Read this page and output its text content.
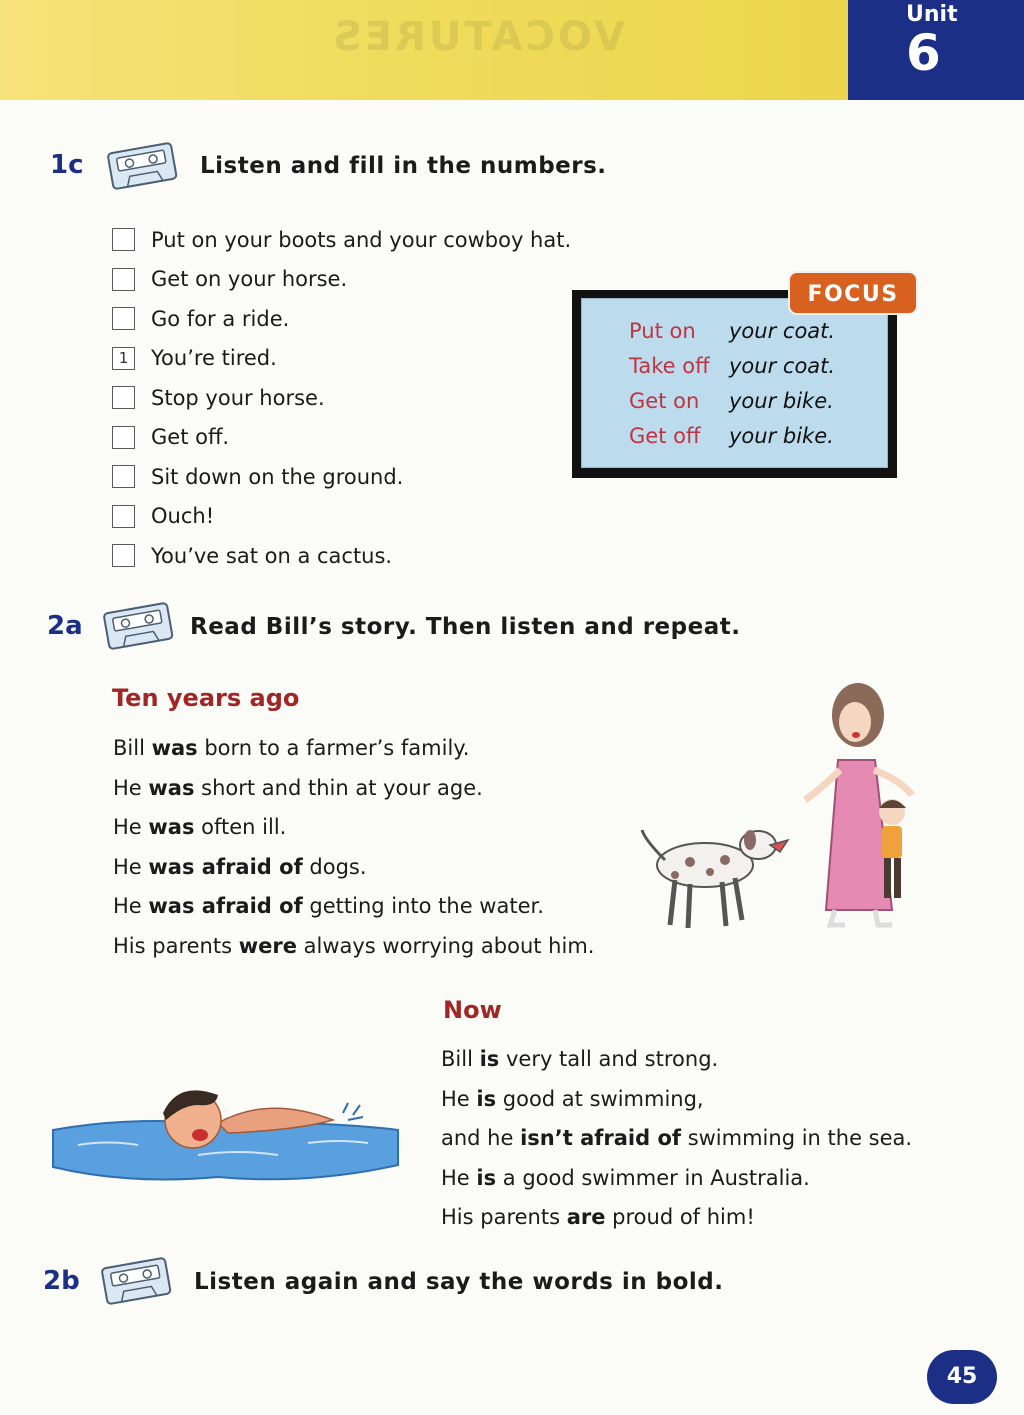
VOCATURES	Unit
6
1c	Listen and fill in the numbers.
Put on your boots and your cowboy hat.
Get on your horse.
Go for a ride.
1	You’re tired.
Stop your horse.
Get off.
Sit down on the ground.
Ouch!
You’ve sat on a cactus.
Put on your coat.
Take off your coat.
Get on your bike.
Get off your bike.
FOCUS
2a	Read Bill’s story. Then listen and repeat.
Ten years ago
Bill was born to a farmer’s family.
He was short and thin at your age.
He was often ill.
He was afraid of dogs.
He was afraid of getting into the water.
His parents were always worrying about him.
Now
Bill is very tall and strong.
He is good at swimming,
and he isn’t afraid of swimming in the sea.
He is a good swimmer in Australia.
His parents are proud of him!
2b	Listen again and say the words in bold.
45
